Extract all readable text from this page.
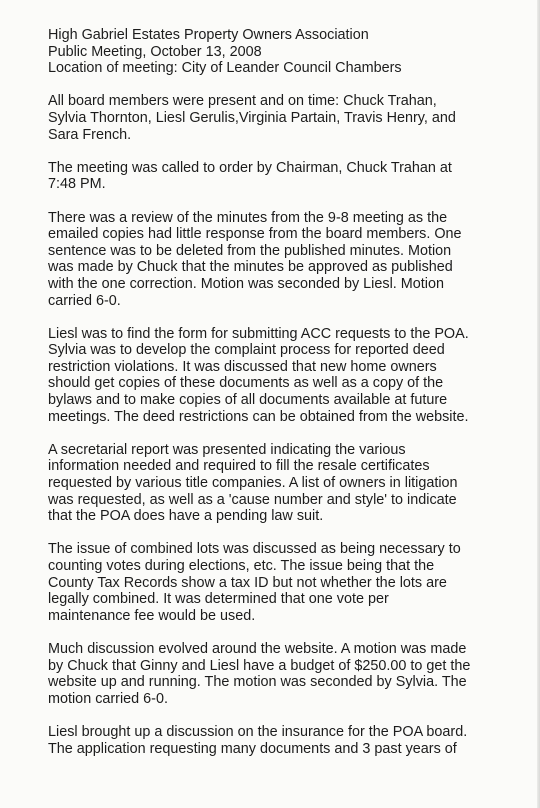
High Gabriel Estates Property Owners Association

Public Meeting, October 13, 2008

Location of meeting: City of Leander Council Chambers

All board members were present and on time: Chuck Trahan,
Sylvia Thornton, Liesl Gerulis,Virginia Partain, Travis Henry, and
Sara French.

The meeting was called to order by Chairman, Chuck Trahan at
7:48 PM.

There was a review of the minutes from the 9-8 meeting as the
emailed copies had little response from the board members. One
sentence was to be deleted from the published minutes. Motion
was made by Chuck that the minutes be approved as published
with the one correction. Motion was seconded by Liesl. Motion
carried 6-0.

Liesl was to find the form for submitting ACC requests to the POA.
Sylvia was to develop the complaint process for reported deed
restriction violations. It was discussed that new home owners
should get copies of these documents as well as a copy of the
bylaws and to make copies of all documents available at future
meetings. The deed restrictions can be obtained from the website.

A secretarial report was presented indicating the various
information needed and required to fill the resale certificates
requested by various title companies. A list of owners in litigation
was requested, as well as a 'cause number and style' to indicate
that the POA does have a pending law suit.

The issue of combined lots was discussed as being necessary to
counting votes during elections, etc. The issue being that the
County Tax Records show a tax ID but not whether the lots are
legally combined. It was determined that one vote per
maintenance fee would be used.

Much discussion evolved around the website. A motion was made
by Chuck that Ginny and Liesl have a budget of $250.00 to get the
website up and running. The motion was seconded by Sylvia. The
motion carried 6-0.

Liesl brought up a discussion on the insurance for the POA board.
The application requesting many documents and 3 past years of
